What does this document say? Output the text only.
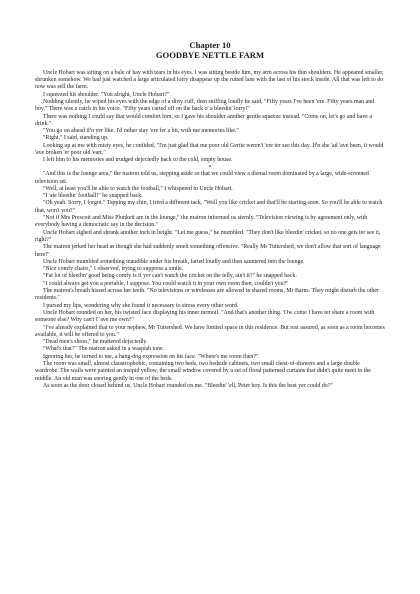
Chapter 10
GOODBYE NETTLE FARM

Uncle Hobart was sitting on a bale of hay with tears in his eyes. I was sitting beside him, my arm across his thin shoulders. He appeared smaller, shrunken somehow. We had just watched a large articulated lorry disappear up the rutted lane with the last of his stock inside. All that was left to do now was sell the farm.

I squeezed his shoulder. "You alright, Uncle Hobart?"

Nodding silently, he wiped his eyes with the edge of a dirty cuff, then sniffing loudly he said, "Fifty years I've been 'ere. Fifty years man and boy." There was a catch in his voice. "Fifty years carted off on the back o' a bleedin' lorry!"

There was nothing I could say that would comfort him, so I gave his shoulder another gentle squeeze instead. "Come on, let's go and have a drink."

"You go on ahead if'n yer like. I'd rather stay 'ere fer a bit, with me memories like."

"Right," I said, standing up.

Looking up at me with misty eyes, he confided, "I'm just glad that me poor old Gertie weren't 'ere ter see this day. If'n she 'ad 'ave been, it would 'ave broken 'er poor old 'eart."

I left him to his memories and trudged dejectedly back to the cold, empty house.

*

"And this is the lounge area," the matron told us, stepping aside so that we could view a dismal room dominated by a large, wide-screened television set.

"Well, at least you'll be able to watch the football," I whispered to Uncle Hobart.

"I 'ate bleedin' football!" he snapped back.

"Oh yeah. Sorry, I forgot." Tapping my chin, I tried a different tack. "Well you like cricket and that'll be starting soon. So you'll be able to watch that, won't you?"

"Not if Mrs Prescott and Miss Plunkett are in the lounge," the matron informed us sternly. "Television viewing is by agreement only, with everybody having a democratic say in the decision."

Uncle Hobart sighed and shrank another inch in height. "Let me guess," he mumbled. "They don't like bleedin' cricket, so no one gets ter see it, right?"

The matron jerked her head as though she had suddenly smelt something offensive. "Really Mr Tuttershed, we don't allow that sort of language here!"

Uncle Hobart mumbled something inaudible under his breath, farted loudly and then sauntered into the lounge.

"Nice comfy chairs," I observed, trying to suppress a smile.

"Fat lot of bleedin' good being comfy is if yer can't watch the cricket on the telly, ain't it?" he snapped back.

"I could always get you a portable, I suppose. You could watch it in your own room then, couldn't you?"

The matron's breath hissed across her teeth. "No televisions or wirelesses are allowed in shared rooms, Mr Barns. They might disturb the other residents."

I pursed my lips, wondering why she found it necessary to stress every other word.

Uncle Hobart rounded on her, his twisted face displaying his inner turmoil. "And that's another thing. 'Ow come I have ter share a room with someone else? Why can't I 'ave me own?"

"I've already explained that to your nephew, Mr Tuttershed. We have limited space in this residence. But rest assured, as soon as a room becomes available, it will be offered to you."

"Dead men's shoes," he muttered dejectedly.

"What's that?" The matron asked in a waspish tone.

Ignoring her, he turned to me, a hang-dog expression on his face. "Where's me room then?"

The room was small, almost claustrophobic, containing two beds, two bedside cabinets, two small chest-of-drawers and a large double wardrobe. The walls were painted an insipid yellow, the small window covered by a set of floral patterned curtains that didn't quite meet in the middle. An old man was snoring gently in one of the beds.

As soon as the door closed behind us, Uncle Hobart rounded on me. "Bleedin' 'ell, Peter boy. Is this the best yer could do?"
